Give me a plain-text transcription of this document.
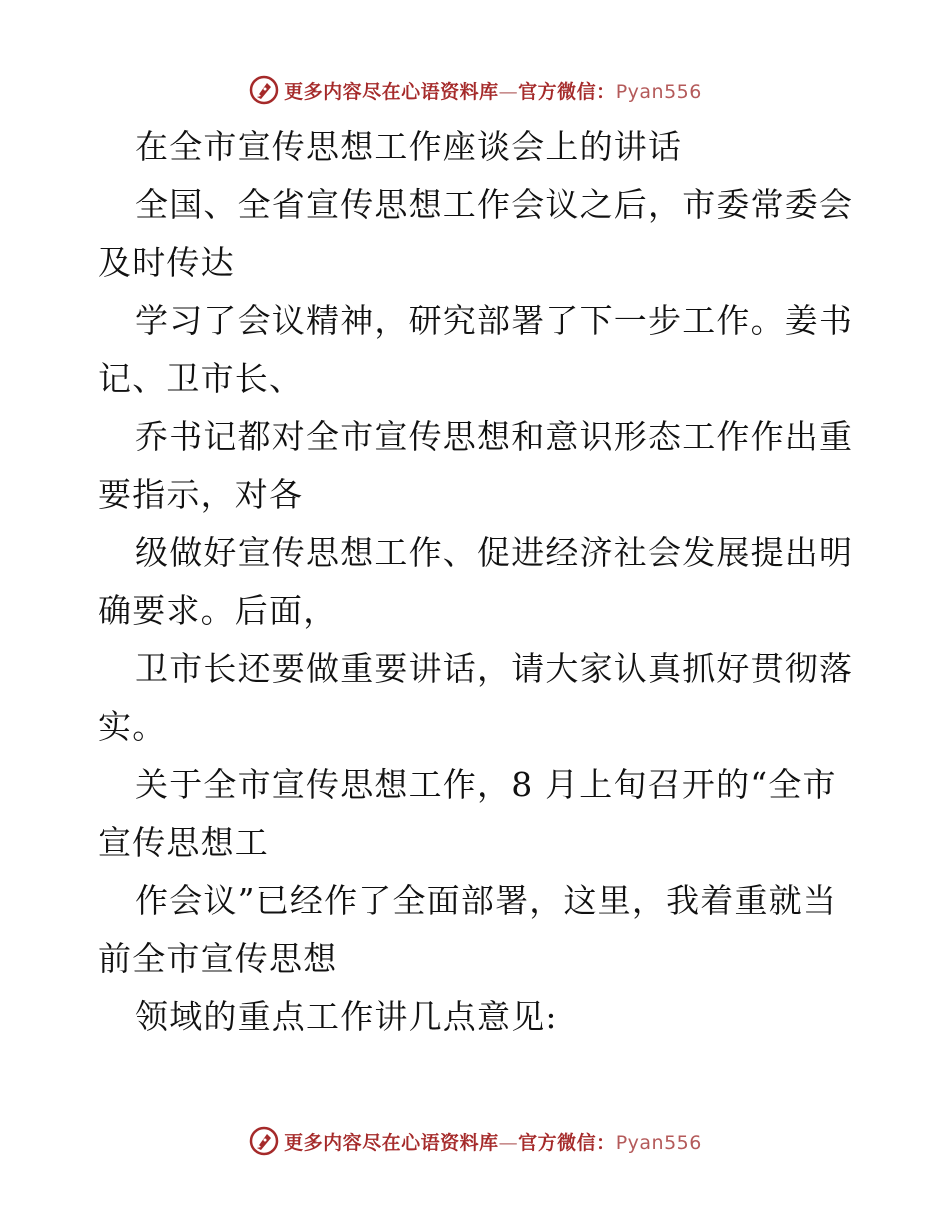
更多内容尽在心语资料库—官方微信：Pyan556
在全市宣传思想工作座谈会上的讲话
全国、全省宣传思想工作会议之后，市委常委会
及时传达
学习了会议精神，研究部署了下一步工作。姜书
记、卫市长、
乔书记都对全市宣传思想和意识形态工作作出重
要指示，对各
级做好宣传思想工作、促进经济社会发展提出明
确要求。后面，
卫市长还要做重要讲话，请大家认真抓好贯彻落
实。
关于全市宣传思想工作，8 月上旬召开的“全市
宣传思想工
作会议”已经作了全面部署，这里，我着重就当
前全市宣传思想
领域的重点工作讲几点意见:
更多内容尽在心语资料库—官方微信：Pyan556
